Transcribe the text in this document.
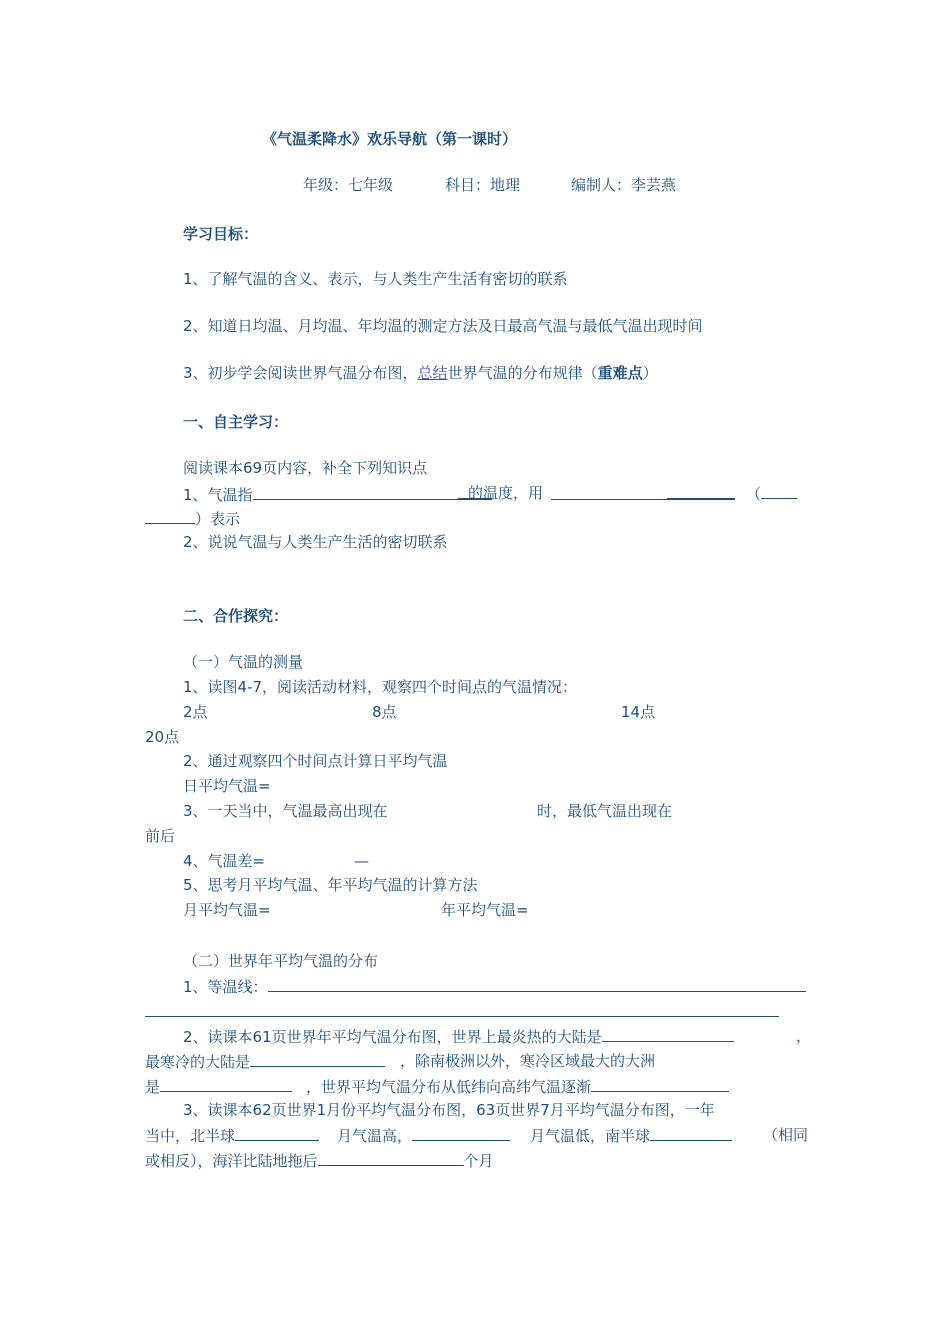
《气温柔降水》欢乐导航（第一课时）
年级：七年级	科目：地理	编制人：李芸燕
学习目标：
1、了解气温的含义、表示，与人类生产生活有密切的联系
2、知道日均温、月均温、年均温的测定方法及日最高气温与最低气温出现时间
3、初步学会阅读世界气温分布图，总结世界气温的分布规律（重难点）
一、自主学习：
阅读课本69页内容，补全下列知识点
1、气温指	的温度，用	（
）表示
2、说说气温与人类生产生活的密切联系
二、合作探究：
（一）气温的测量
1、读图4-7，阅读活动材料，观察四个时间点的气温情况：
2点	8点	14点
20点
2、通过观察四个时间点计算日平均气温
日平均气温=
3、一天当中，气温最高出现在	时，最低气温出现在
前后
4、气温差=	—
5、思考月平均气温、年平均气温的计算方法
月平均气温=	年平均气温=
（二）世界年平均气温的分布
1、等温线：
2、读课本61页世界年平均气温分布图，世界上最炎热的大陆是	，
最寒冷的大陆是	，除南极洲以外，寒冷区域最大的大洲
是	，世界平均气温分布从低纬向高纬气温逐渐
3、读课本62页世界1月份平均气温分布图，63页世界7月平均气温分布图，一年
当中，北半球	月气温高，	月气温低，南半球	（相同
或相反），海洋比陆地拖后	个月
